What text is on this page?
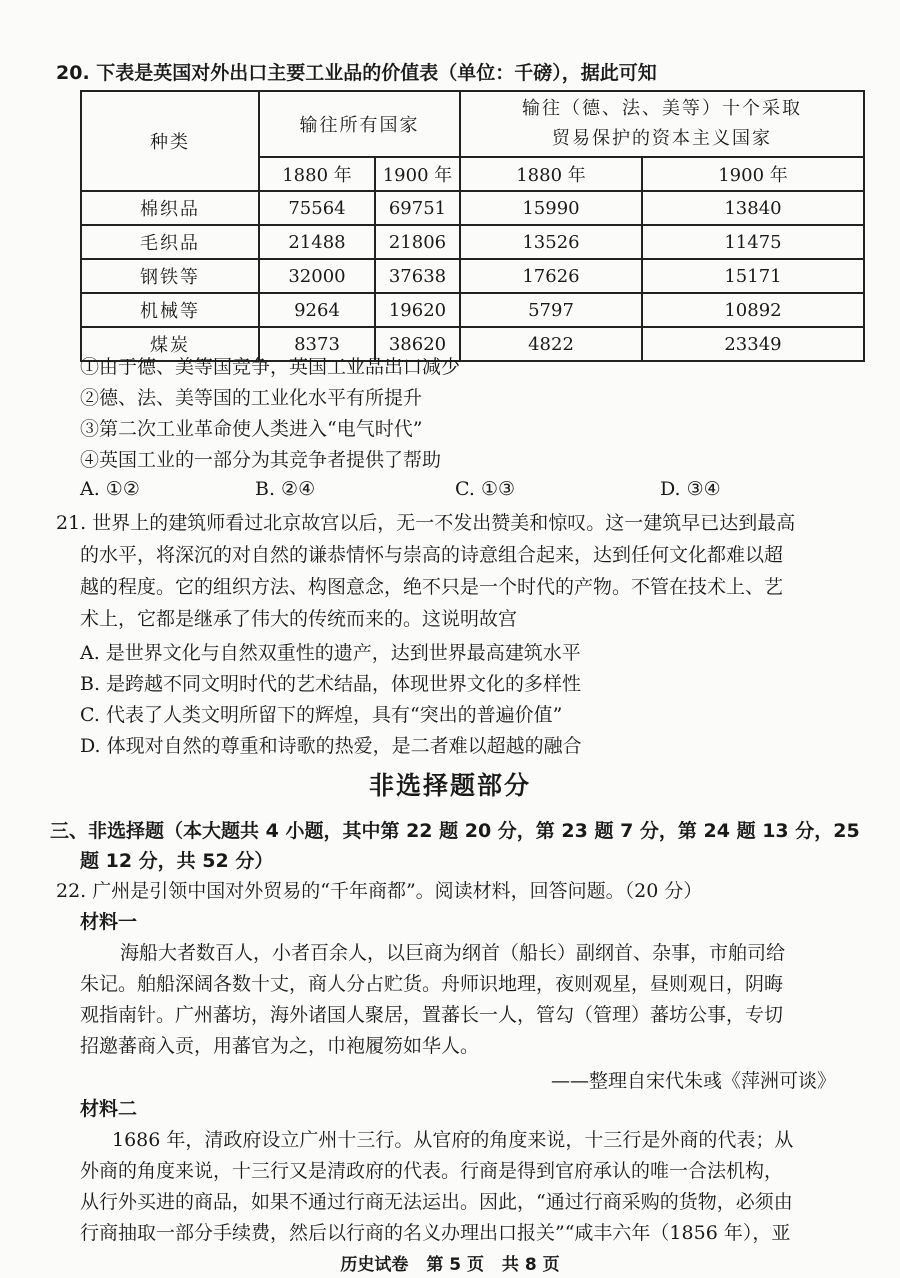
20. 下表是英国对外出口主要工业品的价值表（单位：千磅），据此可知
种类	输往所有国家		输往（德、法、美等）十个采取
贸易保护的资本主义国家	

	1880 年	1900 年	1880 年	1900 年
棉织品	75564	69751	15990	13840
毛织品	21488	21806	13526	11475
钢铁等	32000	37638	17626	15171
机械等	9264	19620	5797	10892
煤炭	8373	38620	4822	23349
①由于德、美等国竞争，英国工业品出口减少
②德、法、美等国的工业化水平有所提升
③第二次工业革命使人类进入“电气时代”
④英国工业的一部分为其竞争者提供了帮助
A. ①②	B. ②④	C. ①③	D. ③④
21. 世界上的建筑师看过北京故宫以后，无一不发出赞美和惊叹。这一建筑早已达到最高
的水平，将深沉的对自然的谦恭情怀与崇高的诗意组合起来，达到任何文化都难以超
越的程度。它的组织方法、构图意念，绝不只是一个时代的产物。不管在技术上、艺
术上，它都是继承了伟大的传统而来的。这说明故宫
A. 是世界文化与自然双重性的遗产，达到世界最高建筑水平
B. 是跨越不同文明时代的艺术结晶，体现世界文化的多样性
C. 代表了人类文明所留下的辉煌，具有“突出的普遍价值”
D. 体现对自然的尊重和诗歌的热爱，是二者难以超越的融合
非选择题部分
三、非选择题（本大题共 4 小题，其中第 22 题 20 分，第 23 题 7 分，第 24 题 13 分，25
题 12 分，共 52 分）
22. 广州是引领中国对外贸易的“千年商都”。阅读材料，回答问题。（20 分）
材料一
海船大者数百人，小者百余人，以巨商为纲首（船长）副纲首、杂事，市舶司给
朱记。舶船深阔各数十丈，商人分占贮货。舟师识地理，夜则观星，昼则观日，阴晦
观指南针。广州蕃坊，海外诸国人聚居，置蕃长一人，管勾（管理）蕃坊公事，专切
招邀蕃商入贡，用蕃官为之，巾袍履笏如华人。
——整理自宋代朱彧《萍洲可谈》
材料二
1686 年，清政府设立广州十三行。从官府的角度来说，十三行是外商的代表；从
外商的角度来说，十三行又是清政府的代表。行商是得到官府承认的唯一合法机构，
从行外买进的商品，如果不通过行商无法运出。因此，“通过行商采购的货物，必须由
行商抽取一部分手续费，然后以行商的名义办理出口报关”“咸丰六年（1856 年），亚
历史试卷 第 5 页 共 8 页
